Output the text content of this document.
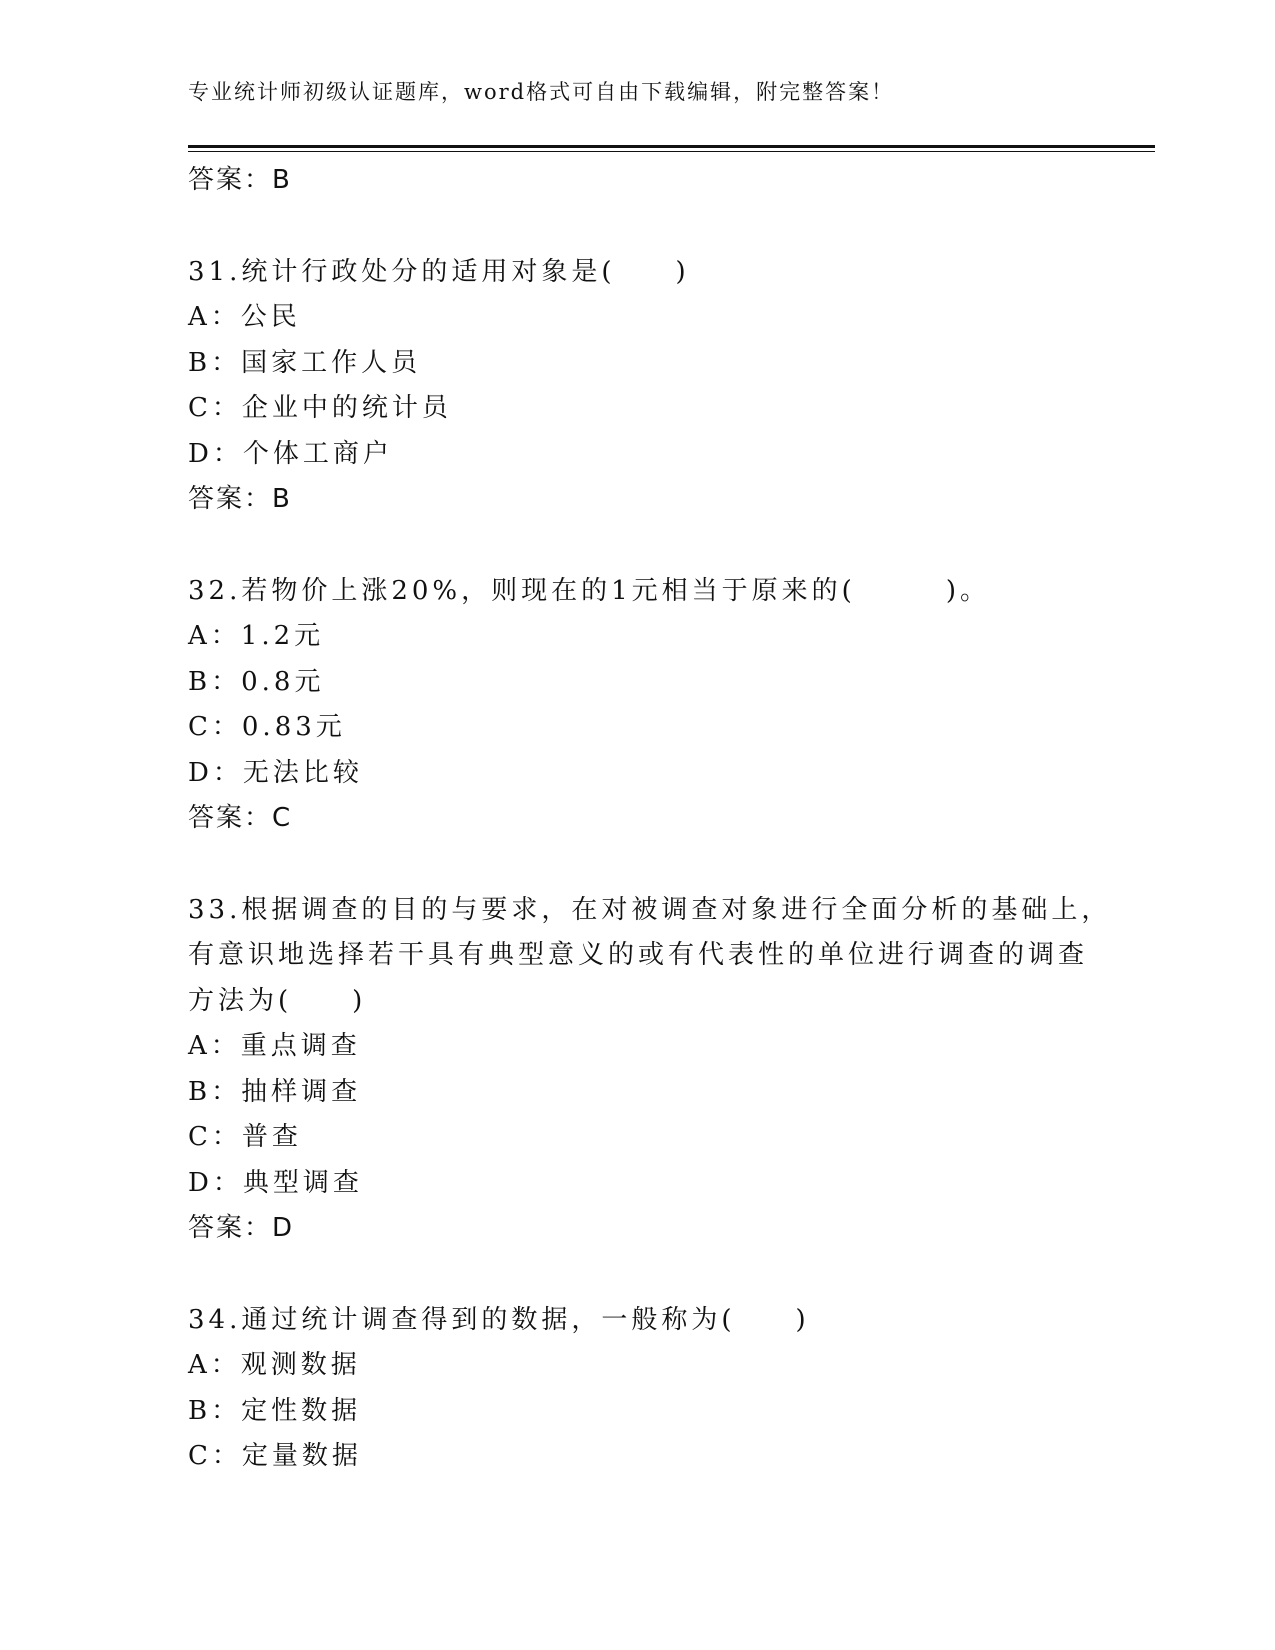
专业统计师初级认证题库，word格式可自由下载编辑，附完整答案！
答案：B
31.统计行政处分的适用对象是(　　)
A：公民
B：国家工作人员
C：企业中的统计员
D：个体工商户
答案：B
32.若物价上涨20%，则现在的1元相当于原来的(　　　)。
A：1.2元
B：0.8元
C：0.83元
D：无法比较
答案：C
33.根据调查的目的与要求，在对被调查对象进行全面分析的基础上，
有意识地选择若干具有典型意义的或有代表性的单位进行调查的调查
方法为(　　)
A：重点调查
B：抽样调查
C：普查
D：典型调查
答案：D
34.通过统计调查得到的数据，一般称为(　　)
A：观测数据
B：定性数据
C：定量数据
